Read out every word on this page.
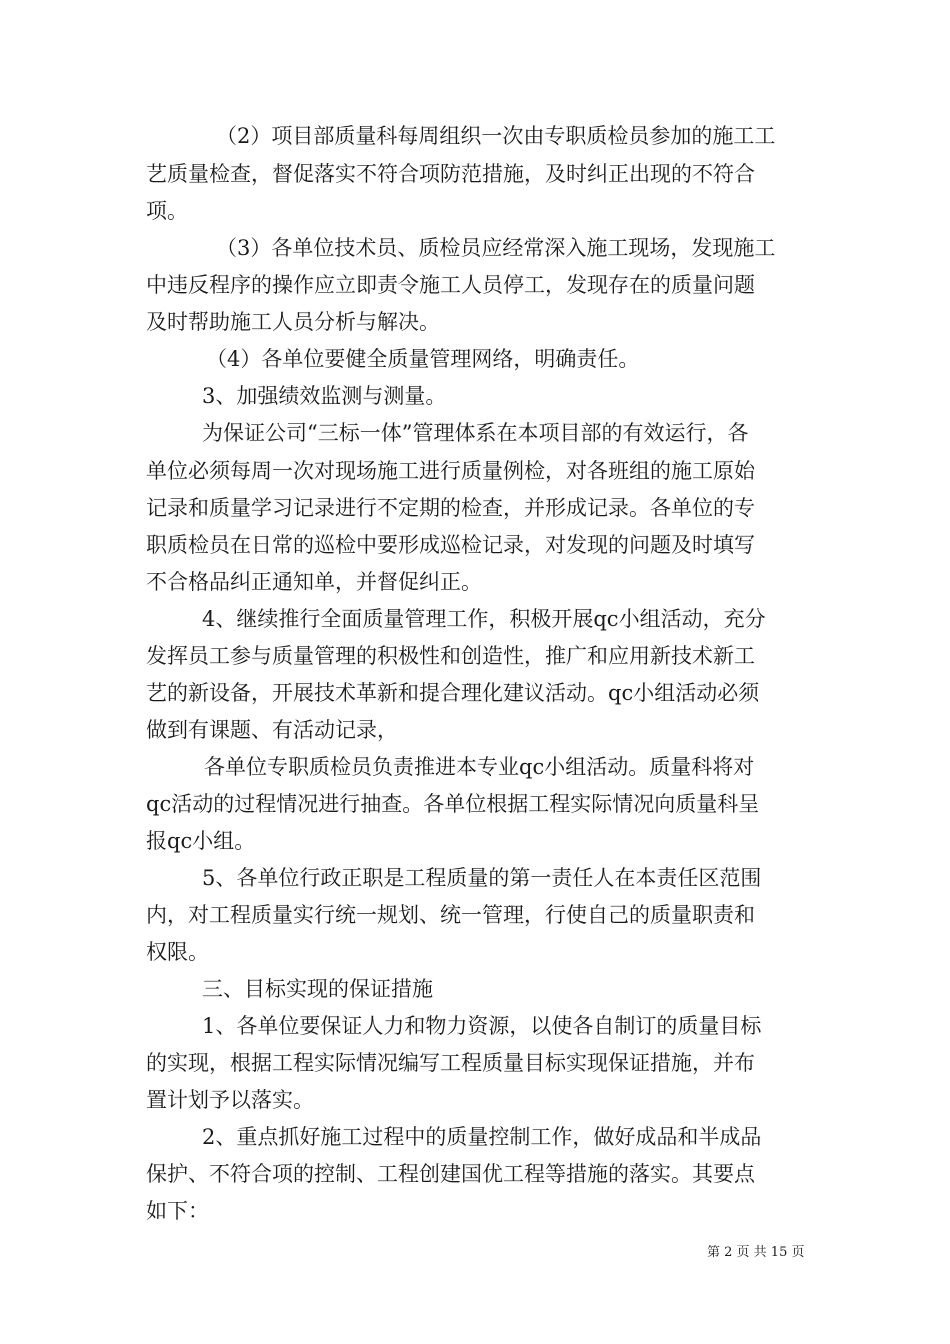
（2）项目部质量科每周组织一次由专职质检员参加的施工工
艺质量检查，督促落实不符合项防范措施，及时纠正出现的不符合
项。
（3）各单位技术员、质检员应经常深入施工现场，发现施工
中违反程序的操作应立即责令施工人员停工，发现存在的质量问题
及时帮助施工人员分析与解决。
（4）各单位要健全质量管理网络，明确责任。
3、加强绩效监测与测量。
为保证公司“三标一体”管理体系在本项目部的有效运行，各
单位必须每周一次对现场施工进行质量例检，对各班组的施工原始
记录和质量学习记录进行不定期的检查，并形成记录。各单位的专
职质检员在日常的巡检中要形成巡检记录，对发现的问题及时填写
不合格品纠正通知单，并督促纠正。
4、继续推行全面质量管理工作，积极开展qc小组活动，充分
发挥员工参与质量管理的积极性和创造性，推广和应用新技术新工
艺的新设备，开展技术革新和提合理化建议活动。qc小组活动必须
做到有课题、有活动记录，
各单位专职质检员负责推进本专业qc小组活动。质量科将对
qc活动的过程情况进行抽查。各单位根据工程实际情况向质量科呈
报qc小组。
5、各单位行政正职是工程质量的第一责任人在本责任区范围
内，对工程质量实行统一规划、统一管理，行使自己的质量职责和
权限。
三、目标实现的保证措施
1、各单位要保证人力和物力资源，以使各自制订的质量目标
的实现，根据工程实际情况编写工程质量目标实现保证措施，并布
置计划予以落实。
2、重点抓好施工过程中的质量控制工作，做好成品和半成品
保护、不符合项的控制、工程创建国优工程等措施的落实。其要点
如下：
第 2 页 共 15 页
